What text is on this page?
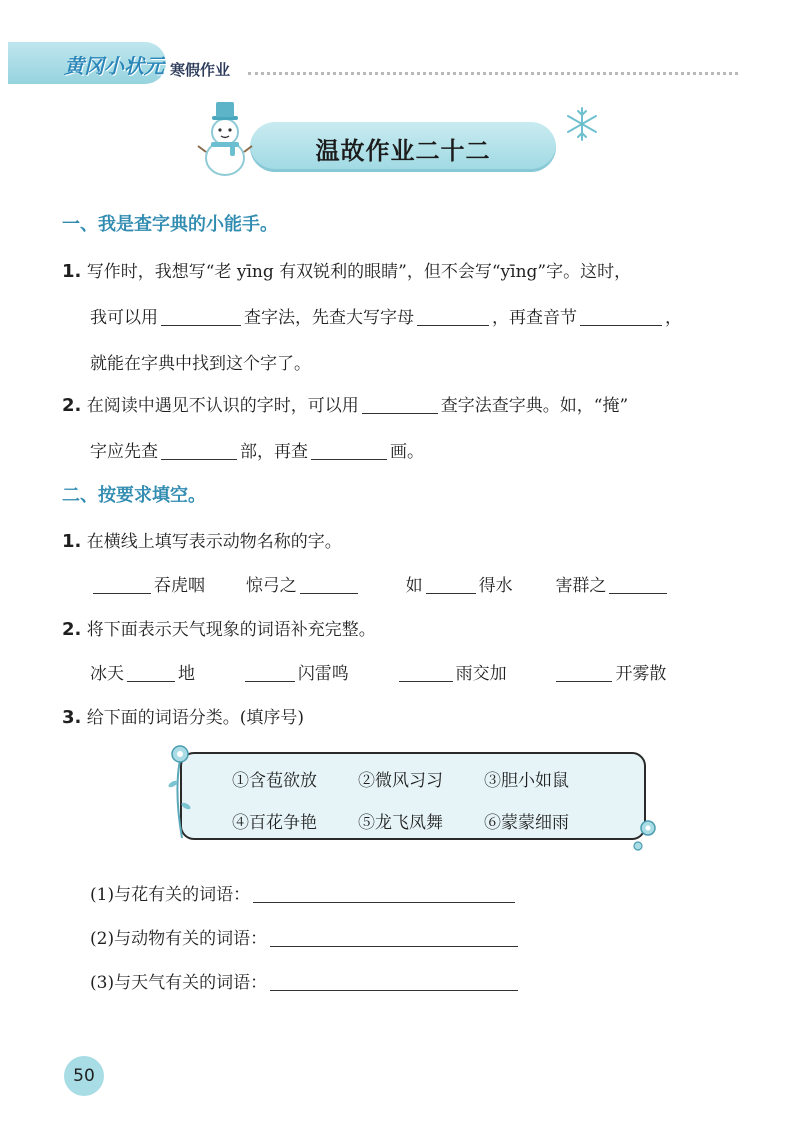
黄冈小状元 寒假作业
温故作业二十二
一、我是查字典的小能手。
1. 写作时，我想写“老 yīng 有双锐利的眼睛”，但不会写“yīng”字。这时，
我可以用	查字法，先查大写字母	，再查音节	，
就能在字典中找到这个字了。
2. 在阅读中遇见不认识的字时，可以用	查字法查字典。如，“掩”
字应先查	部，再查	画。
二、按要求填空。
1. 在横线上填写表示动物名称的字。
吞虎咽 惊弓之	如	得水	害群之
2. 将下面表示天气现象的词语补充完整。
冰天	地	闪雷鸣	雨交加	开雾散
3. 给下面的词语分类。(填序号)
①含苞欲放 ②微风习习 ③胆小如鼠
④百花争艳 ⑤龙飞凤舞 ⑥蒙蒙细雨
(1)与花有关的词语：
(2)与动物有关的词语：
(3)与天气有关的词语：
50
